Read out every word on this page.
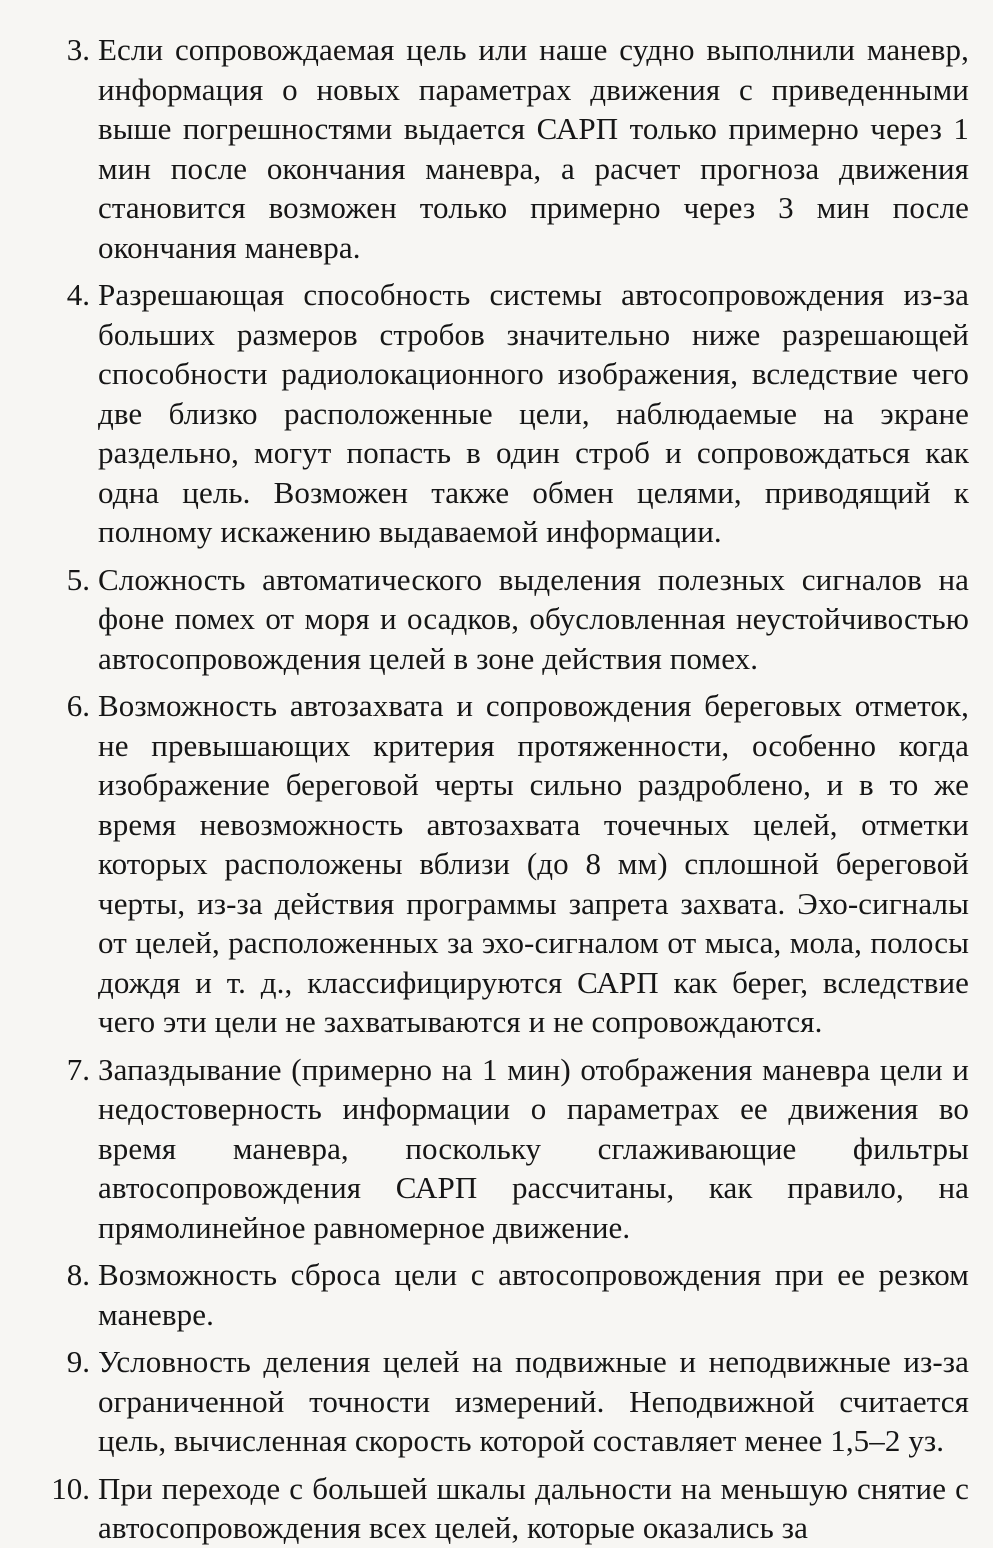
3. Если сопровождаемая цель или наше судно выполнили маневр, информация о новых параметрах движения с приведенными выше погрешностями выдается САРП только примерно через 1 мин после окончания маневра, а расчет прогноза движения становится возможен только примерно через 3 мин после окончания маневра.
4. Разрешающая способность системы автосопровождения из-за больших размеров стробов значительно ниже разрешающей способности радиолокационного изображения, вследствие чего две близко расположенные цели, наблюдаемые на экране раздельно, могут попасть в один строб и сопровождаться как одна цель. Возможен также обмен целями, приводящий к полному искажению выдаваемой информации.
5. Сложность автоматического выделения полезных сигналов на фоне помех от моря и осадков, обусловленная неустойчивостью автосопровождения целей в зоне действия помех.
6. Возможность автозахвата и сопровождения береговых отметок, не превышающих критерия протяженности, особенно когда изображение береговой черты сильно раздроблено, и в то же время невозможность автозахвата точечных целей, отметки которых расположены вблизи (до 8 мм) сплошной береговой черты, из-за действия программы запрета захвата. Эхо-сигналы от целей, расположенных за эхо-сигналом от мыса, мола, полосы дождя и т. д., классифицируются САРП как берег, вследствие чего эти цели не захватываются и не сопровождаются.
7. Запаздывание (примерно на 1 мин) отображения маневра цели и недостоверность информации о параметрах ее движения во время маневра, поскольку сглаживающие фильтры автосопровождения САРП рассчитаны, как правило, на прямолинейное равномерное движение.
8. Возможность сброса цели с автосопровождения при ее резком маневре.
9. Условность деления целей на подвижные и неподвижные из-за ограниченной точности измерений. Неподвижной считается цель, вычисленная скорость которой составляет менее 1,5–2 уз.
10. При переходе с большей шкалы дальности на меньшую снятие с автосопровождения всех целей, которые оказались за
